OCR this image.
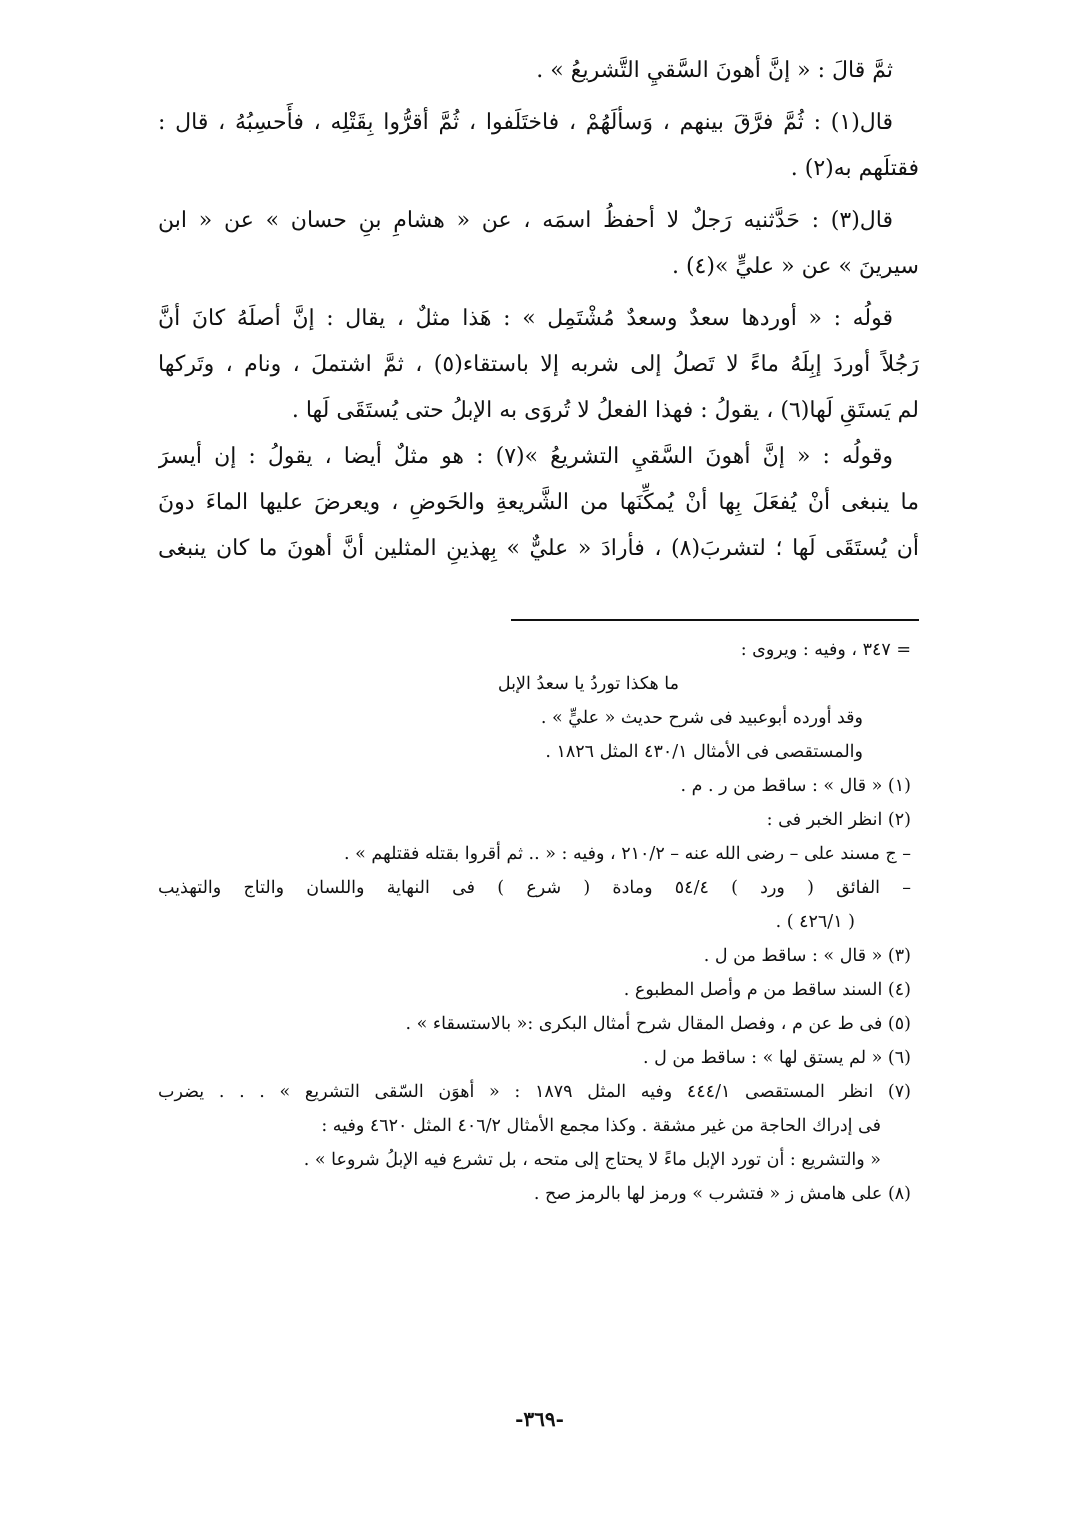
ثمَّ قالَ : « إنَّ أهونَ السَّقيِ التَّشريعُ » .
قال(١) : ثُمَّ فرَّقَ بينهم ، وَسألَهُمْ ، فاختَلَفوا ، ثُمَّ أقرُّوا بِقَتْلِه ، فأَحسِبُهُ ، قال :
فقتلَهم به(٢) .
قال(٣) : حَدَّثنيه رَجلٌ لا أحفظُ اسمَه ، عن « هشامِ بنِ حسان » عن « ابن
سيرينَ » عن « عليٍّ »(٤) .
قولُه : « أوردها سعدٌ وسعدٌ مُشْتَمِل » : هَذا مثلٌ ، يقال : إنَّ أصلَهُ كانَ أنَّ
رَجُلاً أوردَ إبِلَهُ ماءً لا تَصلُ إلى شربه إلا باستقاء(٥) ، ثمَّ اشتملَ ، ونام ، وتَركها
لم يَستَقِ لَها(٦) ، يقولُ : فهذا الفعلُ لا تُروَى به الإبلُ حتى يُستَقَى لَها .
وقولُه : « إنَّ أهونَ السَّقيِ التشريعُ »(٧) : هو مثلٌ أيضا ، يقولُ : إن أيسرَ
ما ينبغى أنْ يُفعَلَ بِها أنْ يُمكِّنَها من الشَّريعةِ والحَوضِ ، ويعرضَ عليها الماءَ دونَ
أن يُستَقَى لَها ؛ لتشربَ(٨) ، فأرادَ « عليٌّ » بِهذينِ المثلين أنَّ أهونَ ما كان ينبغى
= ٣٤٧ ، وفيه : ويروى :
ما هكذا توردُ يا سعدُ الإبل
وقد أورده أبوعبيد فى شرح حديث « عليٍّ » .
والمستقصى فى الأمثال ٤٣٠/١ المثل ١٨٢٦ .
(١) « قال » : ساقط من ر . م .
(٢) انظر الخبر فى :
– ج مسند على – رضى الله عنه – ٢١٠/٢ ، وفيه : « .. ثم أقروا بقتله فقتلهم » .
– الفائق ( ورد ) ٥٤/٤ ومادة ( شرع ) فى النهاية واللسان والتاج والتهذيب
( ٤٢٦/١ ) .
(٣) « قال » : ساقط من ل .
(٤) السند ساقط من م وأصل المطبوع .
(٥) فى ط عن م ، وفصل المقال شرح أمثال البكرى :« بالاستسقاء » .
(٦) « لم يستق لها » : ساقط من ل .
(٧) انظر المستقصى ٤٤٤/١ وفيه المثل ١٨٧٩ : « أهوَن السّقى التشريع » . . . يضرب
فى إدراك الحاجة من غير مشقة . وكذا مجمع الأمثال ٤٠٦/٢ المثل ٤٦٢٠ وفيه :
« والتشريع : أن تورد الإبل ماءً لا يحتاج إلى متحه ، بل تشرع فيه الإبلُ شروعا » .
(٨) على هامش ز « فتشرب » ورمز لها بالرمز صح .
-٣٦٩-
